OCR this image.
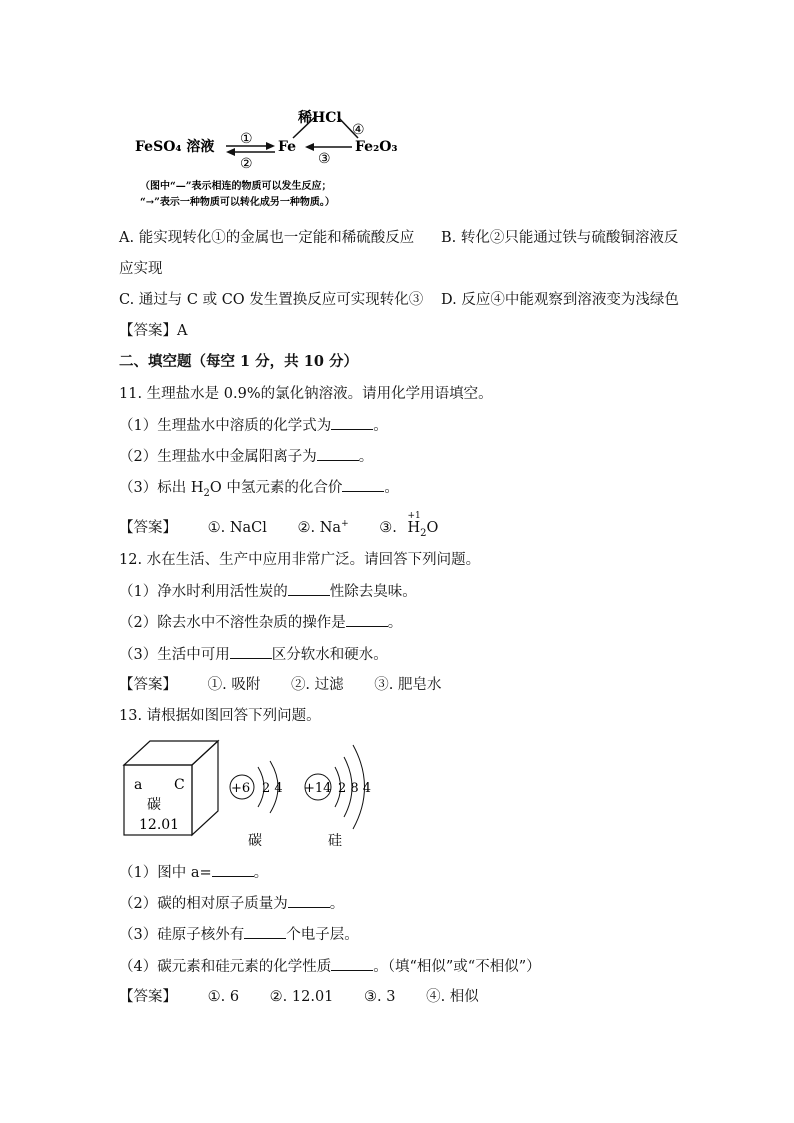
稀HCl
④
FeSO₄ 溶液 ①
②
Fe
③
Fe₂O₃
（图中“—”表示相连的物质可以发生反应；
“→”表示一种物质可以转化成另一种物质。）
A. 能实现转化①的金属也一定能和稀硫酸反应 B. 转化②只能通过铁与硫酸铜溶液反
应实现
C. 通过与 C 或 CO 发生置换反应可实现转化③ D. 反应④中能观察到溶液变为浅绿色
【答案】A
二、填空题（每空 1 分，共 10 分）
11. 生理盐水是 0.9%的氯化钠溶液。请用化学用语填空。
（1）生理盐水中溶质的化学式为	。
（2）生理盐水中金属阳离子为	。
（3）标出 $H_2O$ 中氢元素的化合价	。
【答案】 ①. NaCl ②. Na+ ③.
+1
$H_2O$
12. 水在生活、生产中应用非常广泛。请回答下列问题。
（1）净水时利用活性炭的	性除去臭味。
（2）除去水中不溶性杂质的操作是	。
（3）生活中可用	区分软水和硬水。
【答案】 ①. 吸附 ②. 过滤 ③. 肥皂水
13. 请根据如图回答下列问题。
a C
碳
12.01
+6 2 4
碳
+14 2 8 4
硅
（1）图中 a=	。
（2）碳的相对原子质量为	。
（3）硅原子核外有	个电子层。
（4）碳元素和硅元素的化学性质	。（填“相似”或“不相似”）
【答案】 ①. 6 ②. 12.01 ③. 3 ④. 相似
